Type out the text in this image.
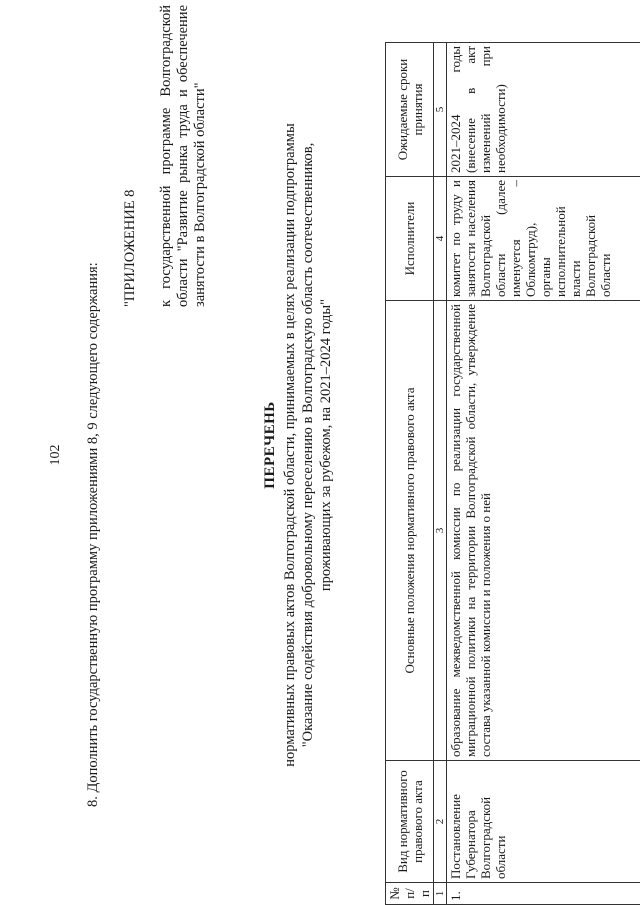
102 8. Дополнить государственную программу приложениями 8, 9 следующего содержания:
"ПРИЛОЖЕНИЕ 8 к государственной программе Волгоградской области "Развитие рынка труда и обеспечение занятости в Волгоградской области"
ПЕРЕЧЕНЬ нормативных правовых актов Волгоградской области, принимаемых в целях реализации подпрограммы "Оказание содействия добровольному переселению в Волгоградскую область соотечественников, проживающих за рубежом, на 2021–2024 годы"
№ п/п	Вид нормативного правового акта	Основные положения нормативного правового акта	Исполнители	Ожидаемые сроки принятия
1	2	3	4	5
1.	Постановление Губернатора Волгоградской области	образование межведомственной комиссии по реализации государственной миграционной политики на территории Волгоградской области, утверждение состава указанной комиссии и положения о ней	комитет по труду и занятости населения Волгоградской области (далее именуется – Облкомтруд), органы исполнительной власти Волгоградской области	2021–2024 годы (внесение в акт изменений при необходимости)
